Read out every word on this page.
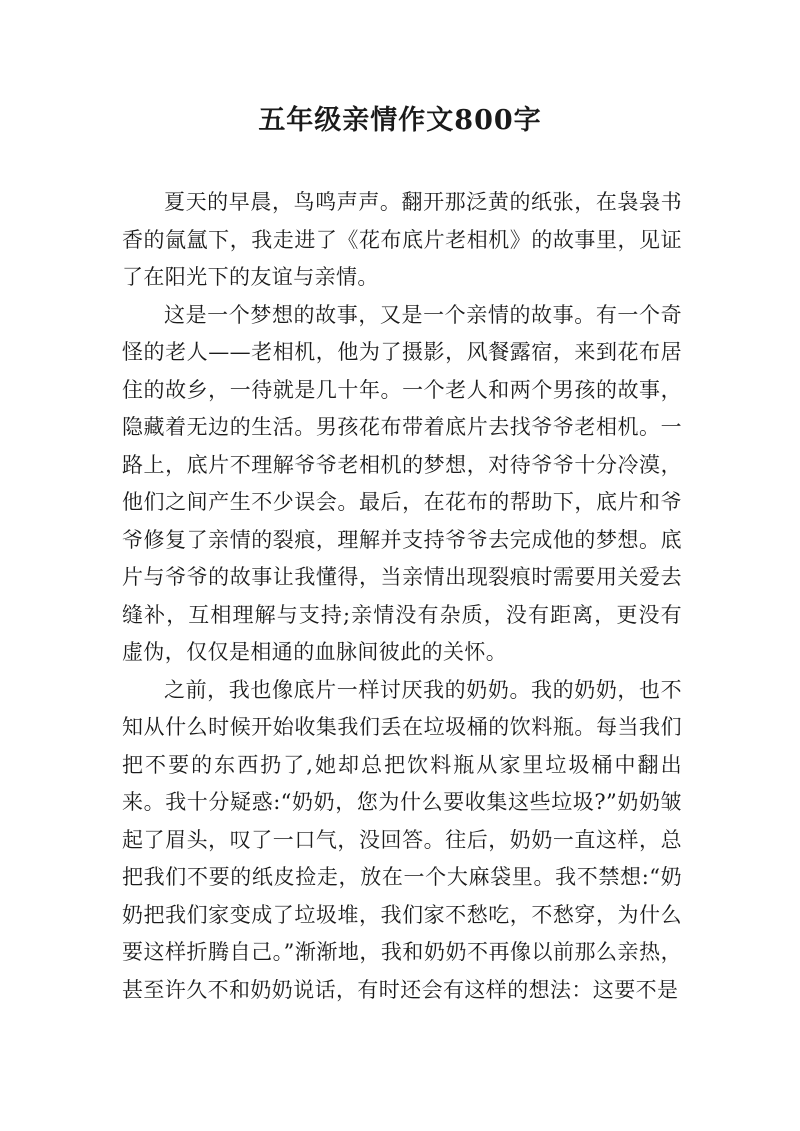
五年级亲情作文800字

夏天的早晨，鸟鸣声声。翻开那泛黄的纸张，在袅袅书香的氤氲下，我走进了《花布底片老相机》的故事里，见证了在阳光下的友谊与亲情。

这是一个梦想的故事，又是一个亲情的故事。有一个奇怪的老人——老相机，他为了摄影，风餐露宿，来到花布居住的故乡，一待就是几十年。一个老人和两个男孩的故事，隐藏着无边的生活。男孩花布带着底片去找爷爷老相机。一路上，底片不理解爷爷老相机的梦想，对待爷爷十分冷漠，他们之间产生不少误会。最后，在花布的帮助下，底片和爷爷修复了亲情的裂痕，理解并支持爷爷去完成他的梦想。底片与爷爷的故事让我懂得，当亲情出现裂痕时需要用关爱去缝补，互相理解与支持;亲情没有杂质，没有距离，更没有虚伪，仅仅是相通的血脉间彼此的关怀。

之前，我也像底片一样讨厌我的奶奶。我的奶奶，也不知从什么时候开始收集我们丢在垃圾桶的饮料瓶。每当我们把不要的东西扔了,她却总把饮料瓶从家里垃圾桶中翻出来。我十分疑惑:“奶奶，您为什么要收集这些垃圾?”奶奶皱起了眉头，叹了一口气，没回答。往后，奶奶一直这样，总把我们不要的纸皮捡走，放在一个大麻袋里。我不禁想:“奶奶把我们家变成了垃圾堆，我们家不愁吃，不愁穿，为什么要这样折腾自己。”渐渐地，我和奶奶不再像以前那么亲热，甚至许久不和奶奶说话，有时还会有这样的想法：这要不是
